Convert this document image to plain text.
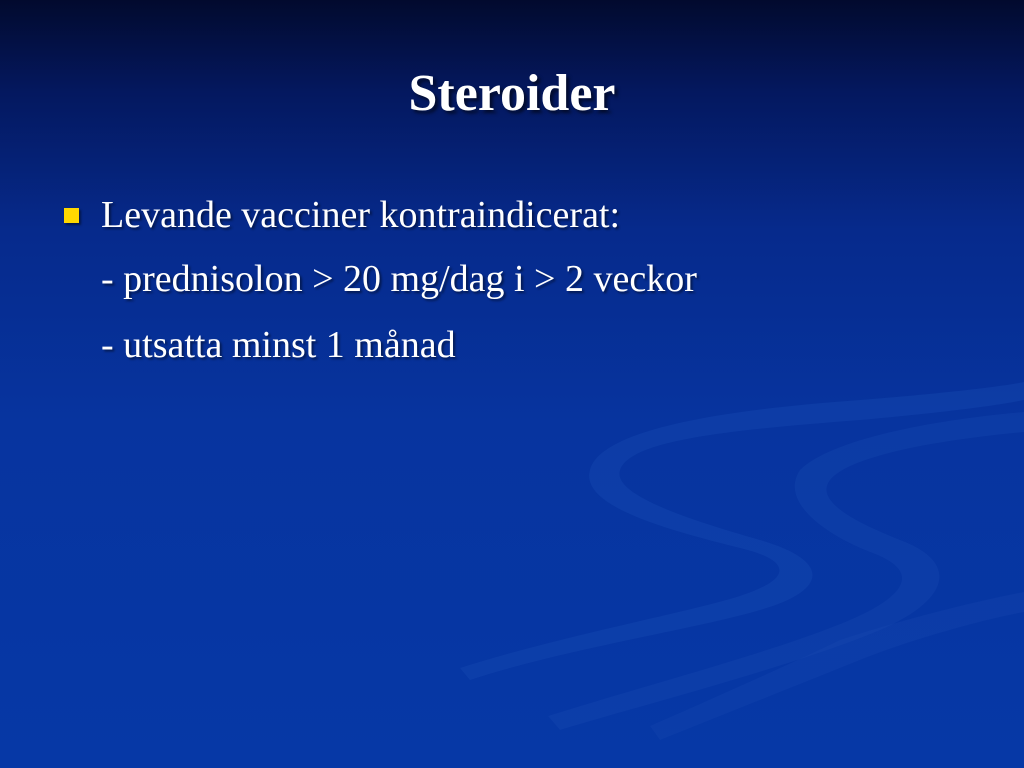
Steroider
Levande vacciner kontraindicerat:
- prednisolon > 20 mg/dag i > 2 veckor
- utsatta minst 1 månad
